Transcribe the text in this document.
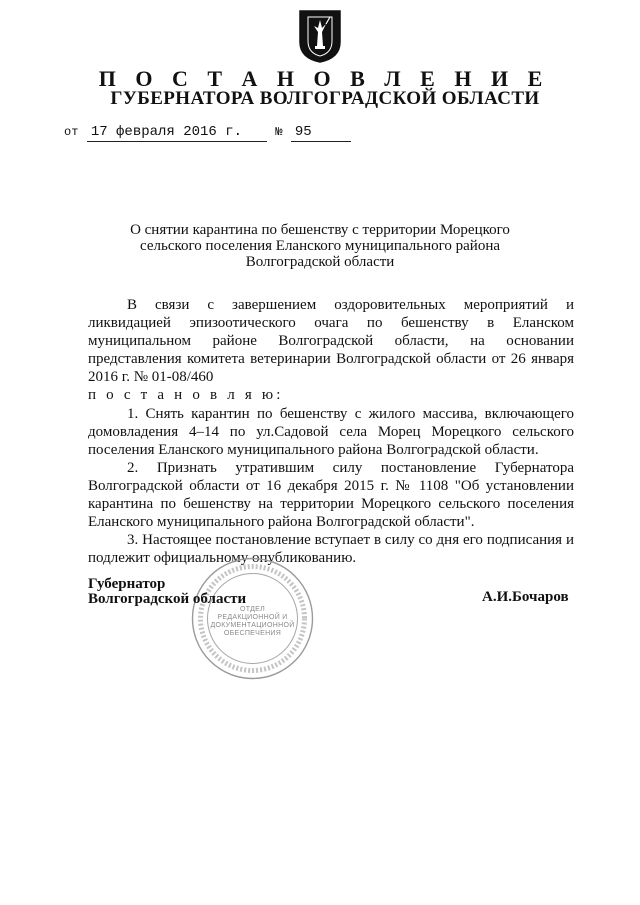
П О С Т А Н О В Л Е Н И Е
ГУБЕРНАТОРА ВОЛГОГРАДСКОЙ ОБЛАСТИ
от 17 февраля 2016 г.	№ 95
О снятии карантина по бешенству с территории Морецкого
сельского поселения Еланского муниципального района
Волгоградской области

В связи с завершением оздоровительных мероприятий и ликвидацией эпизоотического очага по бешенству в Еланском муниципальном районе Волгоградской области, на основании представления комитета ветеринарии Волгоградской области от 26 января 2016 г. № 01-08/460

п о с т а н о в л я ю:

1. Снять карантин по бешенству с жилого массива, включающего домовладения 4–14 по ул.Садовой села Морец Морецкого сельского поселения Еланского муниципального района Волгоградской области.

2. Признать утратившим силу постановление Губернатора Волгоградской области от 16 декабря 2015 г. № 1108 "Об установлении карантина по бешенству на территории Морецкого сельского поселения Еланского муниципального района Волгоградской области".

3. Настоящее постановление вступает в силу со дня его подписания и подлежит официальному опубликованию.

ОТДЕЛ
РЕДАКЦИОННОЙ И
ДОКУМЕНТАЦИОННОЙ
ОБЕСПЕЧЕНИЯ
Губернатор
Волгоградской области	А.И.Бочаров
